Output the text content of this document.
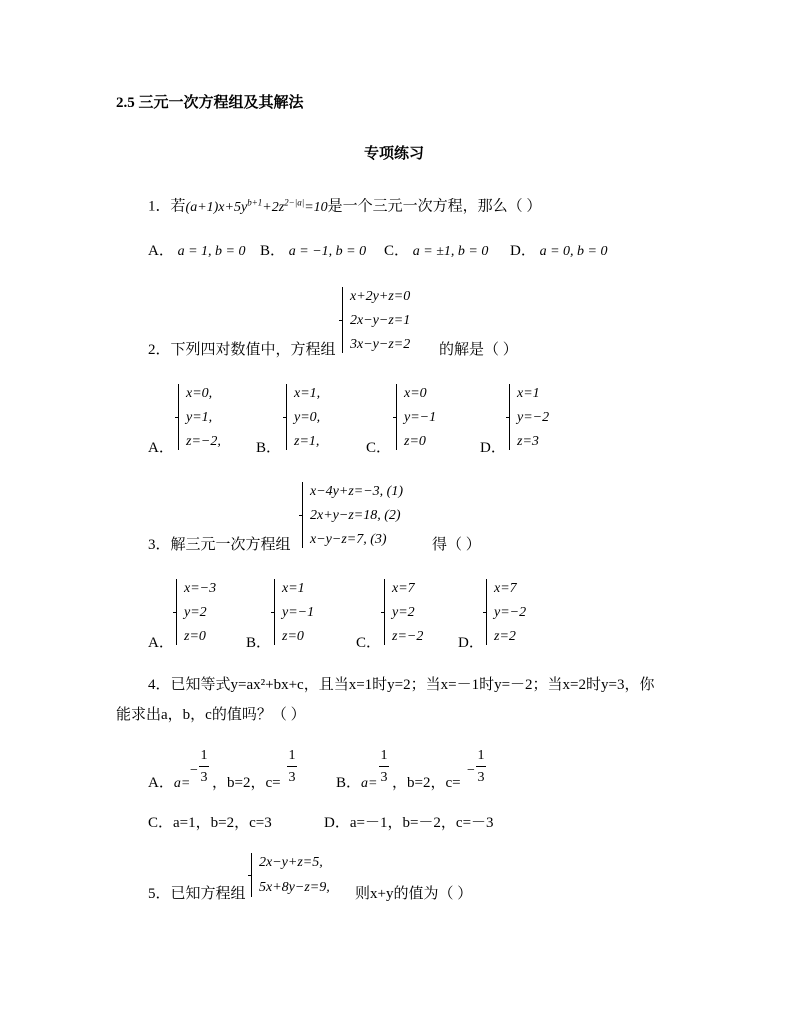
2.5 三元一次方程组及其解法
专项练习
1．若$(a+1)x+5y^{b+1}+2z^{2-|a|}=10$是一个三元一次方程，那么（ ）
A． a = 1, b = 0 B． a = −1, b = 0 C． a = ±1, b = 0 D． a = 0, b = 0
2．下列四对数值中，方程组
x+2y+z=0
2x−y−z=1
3x−y−z=2 的解是（ ）
A．
x=0,
y=1,
z=−2, B．
x=1,
y=0,
z=1,	C．
x=0
y=−1
z=0	D．
x=1
y=−2
z=3
3．解三元一次方程组
x−4y+z=−3, (1)
2x+y−z=18, (2)
x−y−z=7, (3)	得（ ）
A．
x=−3
y=2
z=0	B．
x=1
y=−1
z=0	C．
x=7
y=2
z=−2 D．
x=7
y=−2
z=2
4．已知等式y=ax²+bx+c，且当x=1时y=2；当x=－1时y=－2；当x=2时y=3，你
能求出a，b，c的值吗？（ ）
A．a=
−
1
3 ，b=2，c=
1
3	B．a=
1
3 ，b=2，c=
−
1
3
C．a=1，b=2，c=3	D．a=－1，b=－2，c=－3
5．已知方程组
2x−y+z=5,
5x+8y−z=9, 则x+y的值为（ ）
